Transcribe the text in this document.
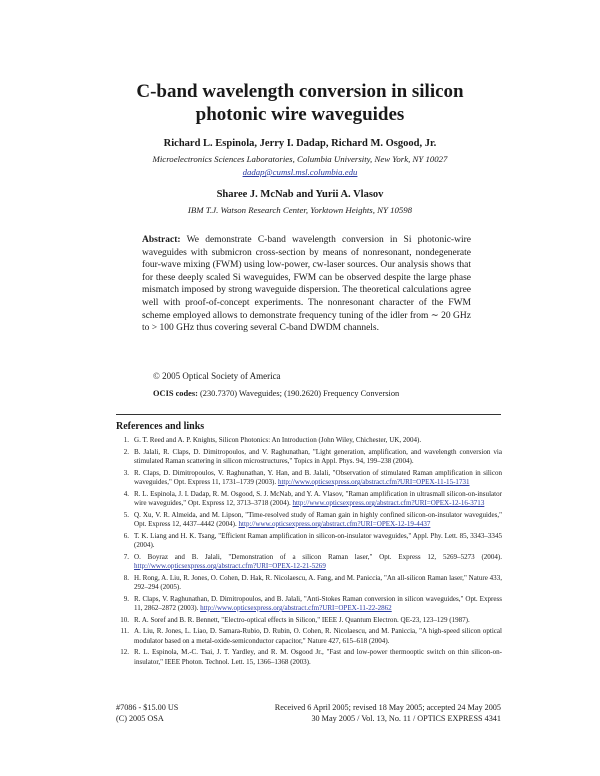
C-band wavelength conversion in silicon
photonic wire waveguides
Richard L. Espinola, Jerry I. Dadap, Richard M. Osgood, Jr.
Microelectronics Sciences Laboratories, Columbia University, New York, NY 10027
dadap@cumsl.msl.columbia.edu
Sharee J. McNab and Yurii A. Vlasov
IBM T.J. Watson Research Center, Yorktown Heights, NY 10598
Abstract: We demonstrate C-band wavelength conversion in Si photonic-wire waveguides with submicron cross-section by means of nonresonant, nondegenerate four-wave mixing (FWM) using low-power, cw-laser sources. Our analysis shows that for these deeply scaled Si waveguides, FWM can be observed despite the large phase mismatch imposed by strong waveguide dispersion. The theoretical calculations agree well with proof-of-concept experiments. The nonresonant character of the FWM scheme employed allows to demonstrate frequency tuning of the idler from ∼ 20 GHz to > 100 GHz thus covering several C-band DWDM channels.
© 2005 Optical Society of America
OCIS codes: (230.7370) Waveguides; (190.2620) Frequency Conversion
References and links
1. G. T. Reed and A. P. Knights, Silicon Photonics: An Introduction (John Wiley, Chichester, UK, 2004).
2. B. Jalali, R. Claps, D. Dimitropoulos, and V. Raghunathan, "Light generation, amplification, and wavelength conversion via stimulated Raman scattering in silicon microstructures," Topics in Appl. Phys. 94, 199–238 (2004).
3. R. Claps, D. Dimitropoulos, V. Raghunathan, Y. Han, and B. Jalali, "Observation of stimulated Raman amplification in silicon waveguides," Opt. Express 11, 1731–1739 (2003). http://www.opticsexpress.org/abstract.cfm?URI=OPEX-11-15-1731
4. R. L. Espinola, J. I. Dadap, R. M. Osgood, S. J. McNab, and Y. A. Vlasov, "Raman amplification in ultrasmall silicon-on-insulator wire waveguides," Opt. Express 12, 3713–3718 (2004). http://www.opticsexpress.org/abstract.cfm?URI=OPEX-12-16-3713
5. Q. Xu, V. R. Almeida, and M. Lipson, "Time-resolved study of Raman gain in highly confined silicon-on-insulator waveguides," Opt. Express 12, 4437–4442 (2004). http://www.opticsexpress.org/abstract.cfm?URI=OPEX-12-19-4437
6. T. K. Liang and H. K. Tsang, "Efficient Raman amplification in silicon-on-insulator waveguides," Appl. Phy. Lett. 85, 3343–3345 (2004).
7. O. Boyraz and B. Jalali, "Demonstration of a silicon Raman laser," Opt. Express 12, 5269–5273 (2004). http://www.opticsexpress.org/abstract.cfm?URI=OPEX-12-21-5269
8. H. Rong, A. Liu, R. Jones, O. Cohen, D. Hak, R. Nicolaescu, A. Fang, and M. Paniccia, "An all-silicon Raman laser," Nature 433, 292–294 (2005).
9. R. Claps, V. Raghunathan, D. Dimitropoulos, and B. Jalali, "Anti-Stokes Raman conversion in silicon waveguides," Opt. Express 11, 2862–2872 (2003). http://www.opticsexpress.org/abstract.cfm?URI=OPEX-11-22-2862
10. R. A. Soref and B. R. Bennett, "Electro-optical effects in Silicon," IEEE J. Quantum Electron. QE-23, 123–129 (1987).
11. A. Liu, R. Jones, L. Liao, D. Samara-Rubio, D. Rubin, O. Cohen, R. Nicolaescu, and M. Paniccia, "A high-speed silicon optical modulator based on a metal-oxide-semiconductor capacitor," Nature 427, 615–618 (2004).
12. R. L. Espinola, M.-C. Tsai, J. T. Yardley, and R. M. Osgood Jr., "Fast and low-power thermooptic switch on thin silicon-on-insulator," IEEE Photon. Technol. Lett. 15, 1366–1368 (2003).
#7086 - $15.00 US
(C) 2005 OSA
Received 6 April 2005; revised 18 May 2005; accepted 24 May 2005
30 May 2005 / Vol. 13, No. 11 / OPTICS EXPRESS 4341
